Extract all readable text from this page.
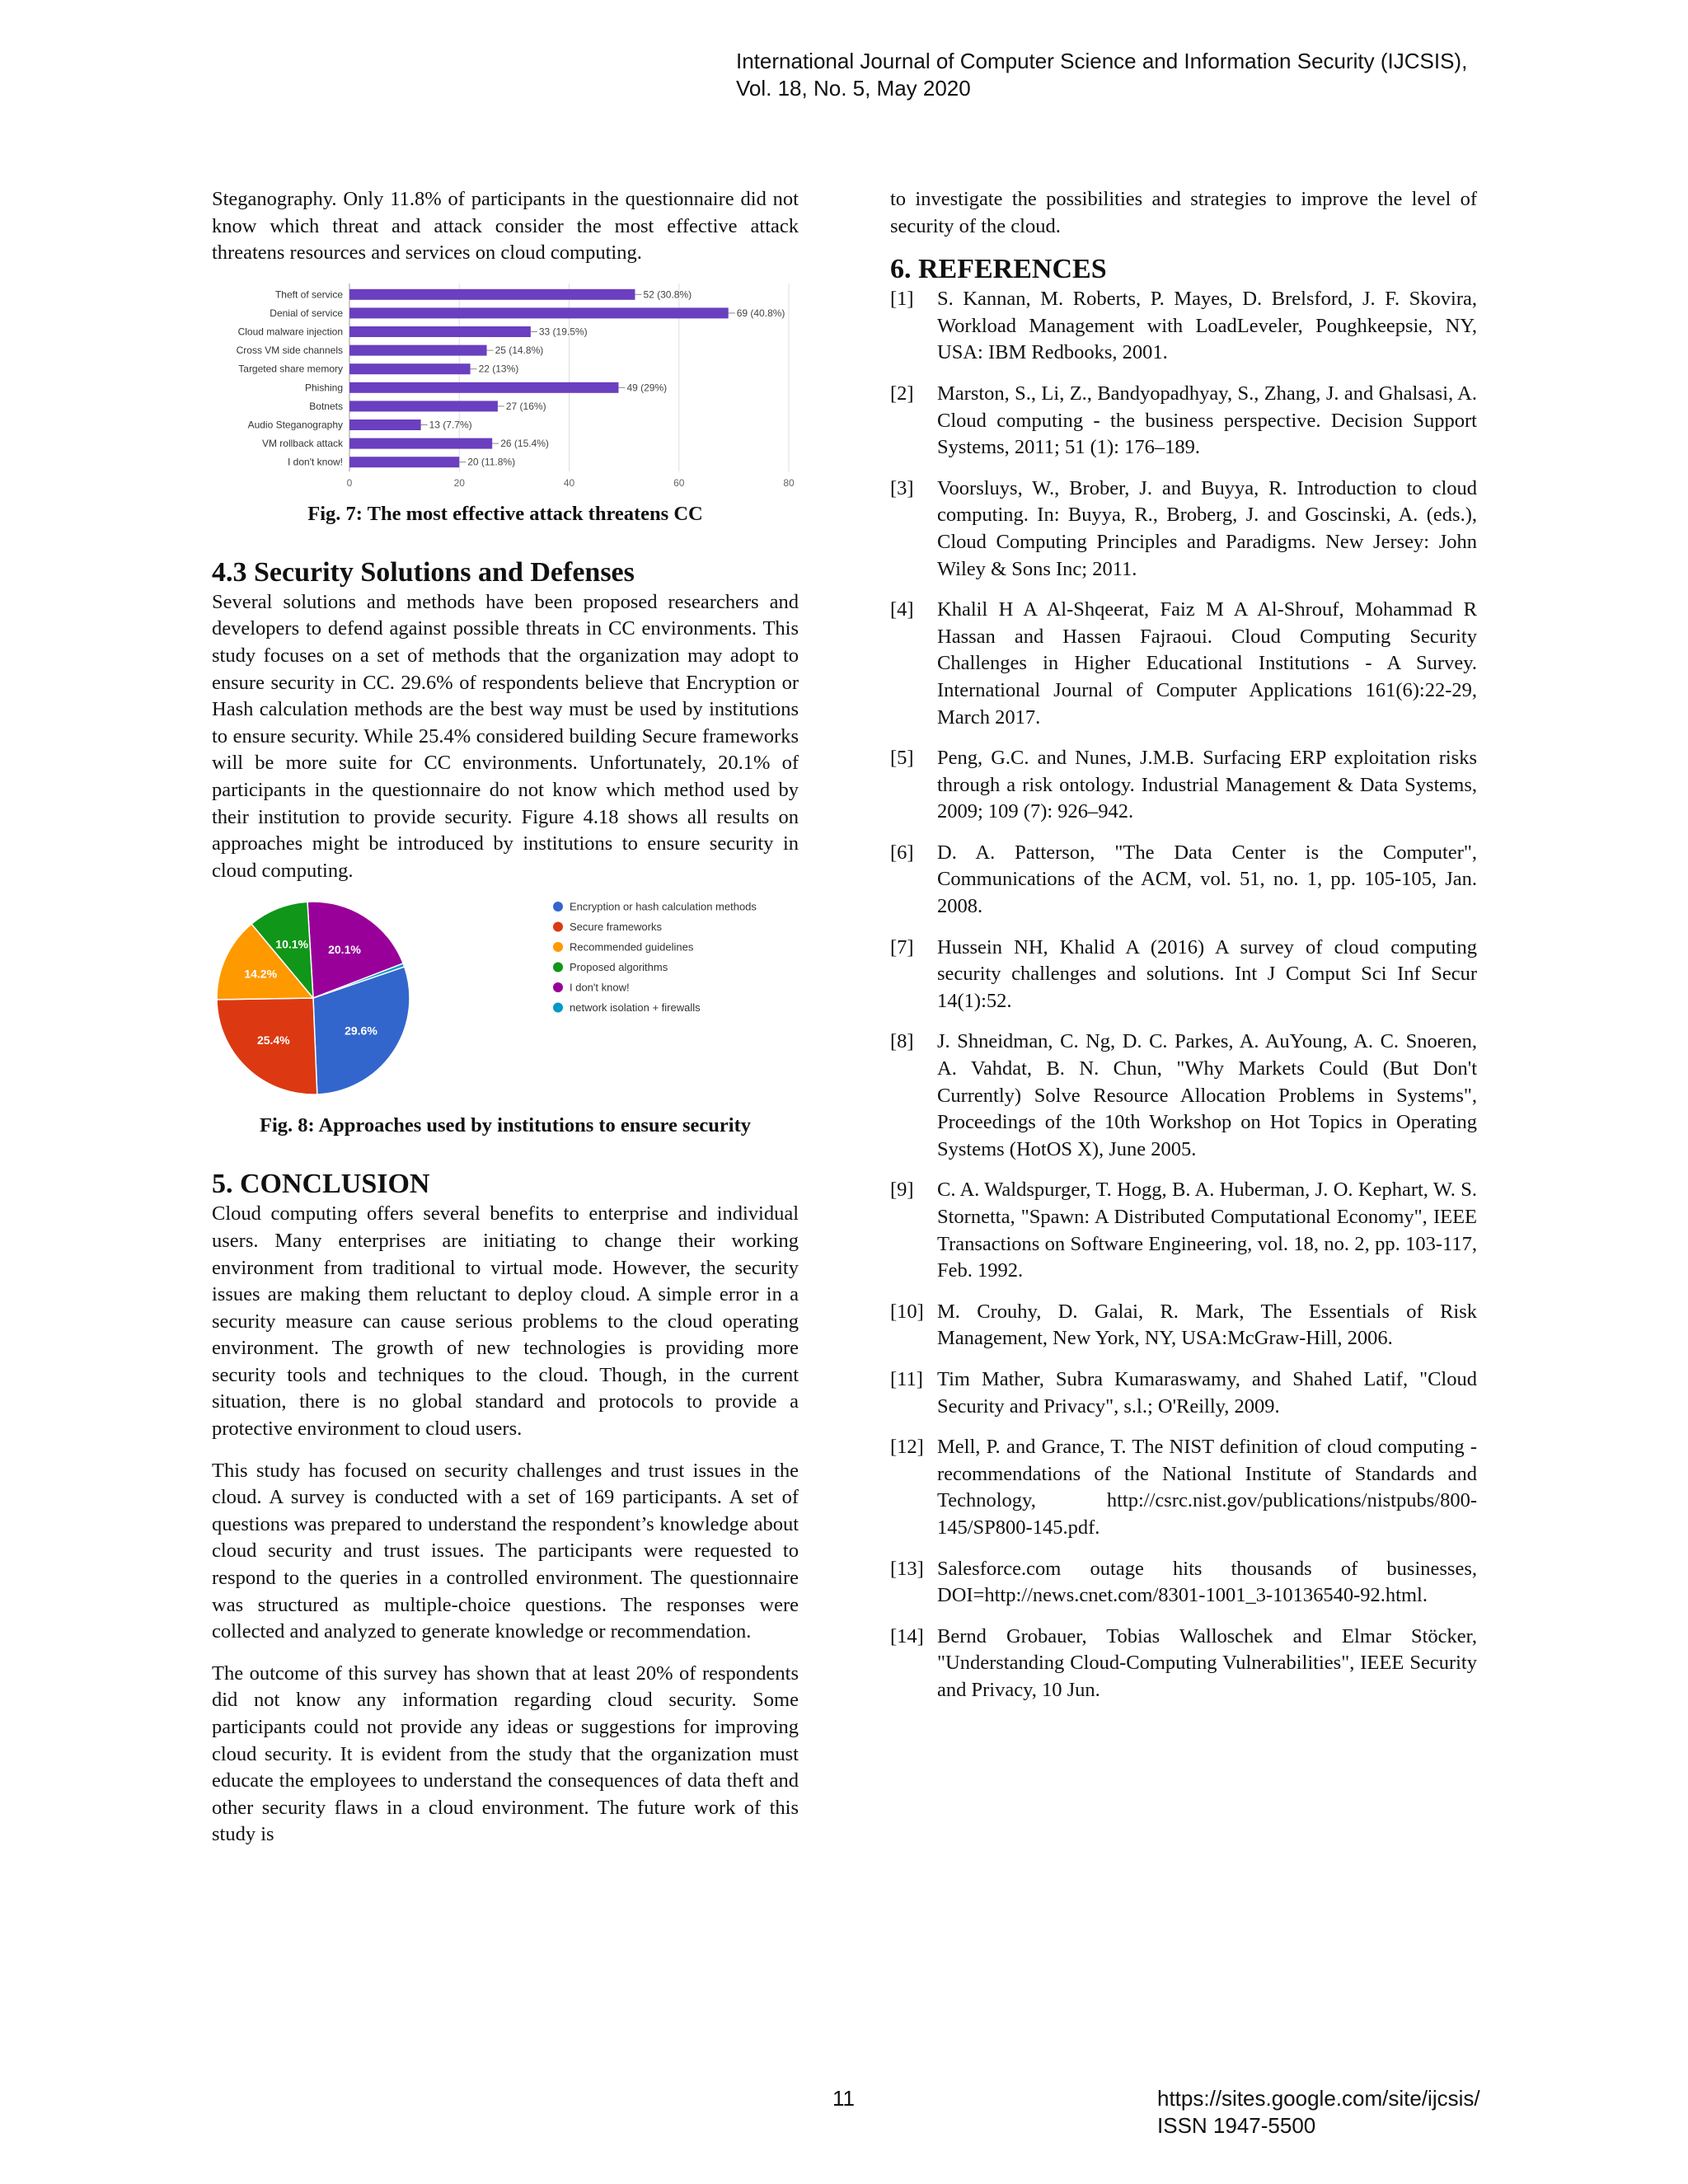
International Journal of Computer Science and Information Security (IJCSIS),
Vol. 18, No. 5, May 2020

Steganography. Only 11.8% of participants in the questionnaire did not know which threat and attack consider the most effective attack threatens resources and services on cloud computing.

0	20	40	60	80
Theft of service	52 (30.8%)
Denial of service	69 (40.8%)
Cloud malware injection	33 (19.5%)
Cross VM side channels	25 (14.8%)
Targeted share memory	22 (13%)
Phishing	49 (29%)
Botnets	27 (16%)
Audio Steganography	13 (7.7%)
VM rollback attack	26 (15.4%)
I don't know!	20 (11.8%)
Fig. 7: The most effective attack threatens CC
4.3 Security Solutions and Defenses

Several solutions and methods have been proposed researchers and developers to defend against possible threats in CC environments. This study focuses on a set of methods that the organization may adopt to ensure security in CC. 29.6% of respondents believe that Encryption or Hash calculation methods are the best way must be used by institutions to ensure security. While 25.4% considered building Secure frameworks will be more suite for CC environments. Unfortunately, 20.1% of participants in the questionnaire do not know which method used by their institution to provide security. Figure 4.18 shows all results on approaches might be introduced by institutions to ensure security in cloud computing.

20.1%
29.6%
25.4%
14.2%
10.1%
Encryption or hash calculation methods
Secure frameworks
Recommended guidelines
Proposed algorithms
I don't know!
network isolation + firewalls
Fig. 8: Approaches used by institutions to ensure security
5. CONCLUSION

Cloud computing offers several benefits to enterprise and individual users. Many enterprises are initiating to change their working environment from traditional to virtual mode. However, the security issues are making them reluctant to deploy cloud. A simple error in a security measure can cause serious problems to the cloud operating environment. The growth of new technologies is providing more security tools and techniques to the cloud. Though, in the current situation, there is no global standard and protocols to provide a protective environment to cloud users.

This study has focused on security challenges and trust issues in the cloud. A survey is conducted with a set of 169 participants. A set of questions was prepared to understand the respondent’s knowledge about cloud security and trust issues. The participants were requested to respond to the queries in a controlled environment. The questionnaire was structured as multiple-choice questions. The responses were collected and analyzed to generate knowledge or recommendation.

The outcome of this survey has shown that at least 20% of respondents did not know any information regarding cloud security. Some participants could not provide any ideas or suggestions for improving cloud security. It is evident from the study that the organization must educate the employees to understand the consequences of data theft and other security flaws in a cloud environment. The future work of this study is

to investigate the possibilities and strategies to improve the level of security of the cloud.

6. REFERENCES
[1]	S. Kannan, M. Roberts, P. Mayes, D. Brelsford, J. F. Skovira, Workload Management with LoadLeveler, Poughkeepsie, NY, USA: IBM Redbooks, 2001.
[2]	Marston, S., Li, Z., Bandyopadhyay, S., Zhang, J. and Ghalsasi, A. Cloud computing - the business perspective. Decision Support Systems, 2011; 51 (1): 176–189.
[3]	Voorsluys, W., Brober, J. and Buyya, R. Introduction to cloud computing. In: Buyya, R., Broberg, J. and Goscinski, A. (eds.), Cloud Computing Principles and Paradigms. New Jersey: John Wiley & Sons Inc; 2011.
[4]	Khalil H A Al-Shqeerat, Faiz M A Al-Shrouf, Mohammad R Hassan and Hassen Fajraoui. Cloud Computing Security Challenges in Higher Educational Institutions - A Survey. International Journal of Computer Applications 161(6):22-29, March 2017.
[5]	Peng, G.C. and Nunes, J.M.B. Surfacing ERP exploitation risks through a risk ontology. Industrial Management & Data Systems, 2009; 109 (7): 926–942.
[6]	D. A. Patterson, "The Data Center is the Computer", Communications of the ACM, vol. 51, no. 1, pp. 105-105, Jan. 2008.
[7]	Hussein NH, Khalid A (2016) A survey of cloud computing security challenges and solutions. Int J Comput Sci Inf Secur 14(1):52.
[8]	J. Shneidman, C. Ng, D. C. Parkes, A. AuYoung, A. C. Snoeren, A. Vahdat, B. N. Chun, "Why Markets Could (But Don't Currently) Solve Resource Allocation Problems in Systems", Proceedings of the 10th Workshop on Hot Topics in Operating Systems (HotOS X), June 2005.
[9]	C. A. Waldspurger, T. Hogg, B. A. Huberman, J. O. Kephart, W. S. Stornetta, "Spawn: A Distributed Computational Economy", IEEE Transactions on Software Engineering, vol. 18, no. 2, pp. 103-117, Feb. 1992.
[10] M. Crouhy, D. Galai, R. Mark, The Essentials of Risk Management, New York, NY, USA:McGraw-Hill, 2006.
[11] Tim Mather, Subra Kumaraswamy, and Shahed Latif, "Cloud Security and Privacy", s.l.; O'Reilly, 2009.
[12] Mell, P. and Grance, T. The NIST definition of cloud computing - recommendations of the National Institute of Standards and Technology, http://csrc.nist.gov/publications/nistpubs/800-145/SP800-145.pdf.
[13] Salesforce.com outage hits thousands of businesses, DOI=http://news.cnet.com/8301-1001_3-10136540-92.html.
[14] Bernd Grobauer, Tobias Walloschek and Elmar Stöcker, "Understanding Cloud-Computing Vulnerabilities", IEEE Security and Privacy, 10 Jun.
11	https://sites.google.com/site/ijcsis/
ISSN 1947-5500
